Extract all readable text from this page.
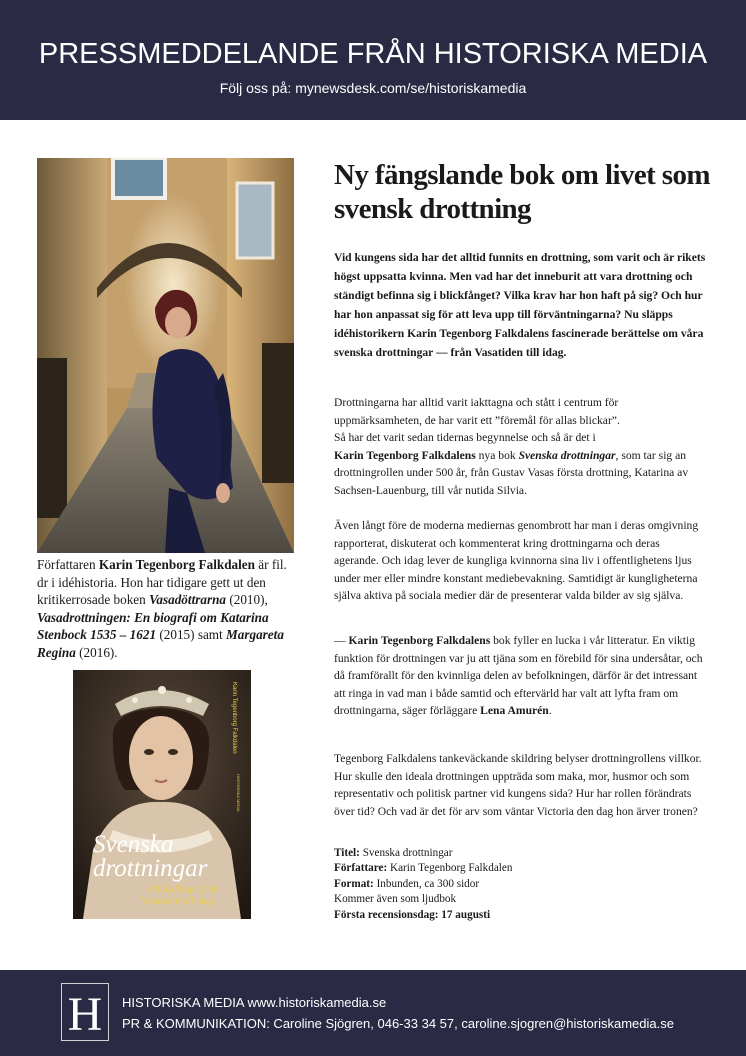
PRESSMEDDELANDE FRÅN HISTORISKA MEDIA
Följ oss på: mynewsdesk.com/se/historiskamedia
Författaren Karin Tegenborg Falkdalen är fil. dr i idéhistoria. Hon har tidigare gett ut den kritikerrosade boken Vasadöttrarna (2010), Vasadrottningen: En biografi om Katarina Stenbock 1535 – 1621 (2015) samt Margareta Regina (2016).
Svenska
drottningar
I blickfånget från
Vasatiden till idag
Karin Tegenborg Falkdalen
HISTORISKA MEDIA
Ny fängslande bok om livet som svensk drottning
Vid kungens sida har det alltid funnits en drottning, som varit och är rikets högst uppsatta kvinna. Men vad har det inneburit att vara drottning och ständigt befinna sig i blickfånget? Vilka krav har hon haft på sig? Och hur har hon anpassat sig för att leva upp till förväntningarna? Nu släpps idéhistorikern Karin Tegenborg Falkdalens fascinerade berättelse om våra svenska drottningar — från Vasatiden till idag.
Drottningarna har alltid varit iakttagna och stått i centrum för uppmärksamheten, de har varit ett ”föremål för allas blickar”.
Så har det varit sedan tidernas begynnelse och så är det i
Karin Tegenborg Falkdalens nya bok Svenska drottningar, som tar sig an drottningrollen under 500 år, från Gustav Vasas första drottning, Katarina av Sachsen-Lauenburg, till vår nutida Silvia.
Även långt före de moderna mediernas genombrott har man i deras omgivning rapporterat, diskuterat och kommenterat kring drottningarna och deras agerande. Och idag lever de kungliga kvinnorna sina liv i offentlighetens ljus under mer eller mindre konstant mediebevakning. Samtidigt är kungligheterna själva aktiva på sociala medier där de presenterar valda bilder av sig själva.
— Karin Tegenborg Falkdalens bok fyller en lucka i vår litteratur. En viktig funktion för drottningen var ju att tjäna som en förebild för sina undersåtar, och då framförallt för den kvinnliga delen av befolkningen, därför är det intressant att ringa in vad man i både samtid och eftervärld har valt att lyfta fram om drottningarna, säger förläggare Lena Amurén.
Tegenborg Falkdalens tankeväckande skildring belyser drottningrollens villkor. Hur skulle den ideala drottningen uppträda som maka, mor, husmor och som representativ och politisk partner vid kungens sida? Hur har rollen förändrats över tid? Och vad är det för arv som väntar Victoria den dag hon ärver tronen?
Titel: Svenska drottningar
Författare: Karin Tegenborg Falkdalen
Format: Inbunden, ca 300 sidor
Kommer även som ljudbok
Första recensionsdag: 17 augusti
H HISTORISKA MEDIA www.historiskamedia.se
PR & KOMMUNIKATION: Caroline Sjögren, 046-33 34 57, caroline.sjogren@historiskamedia.se
